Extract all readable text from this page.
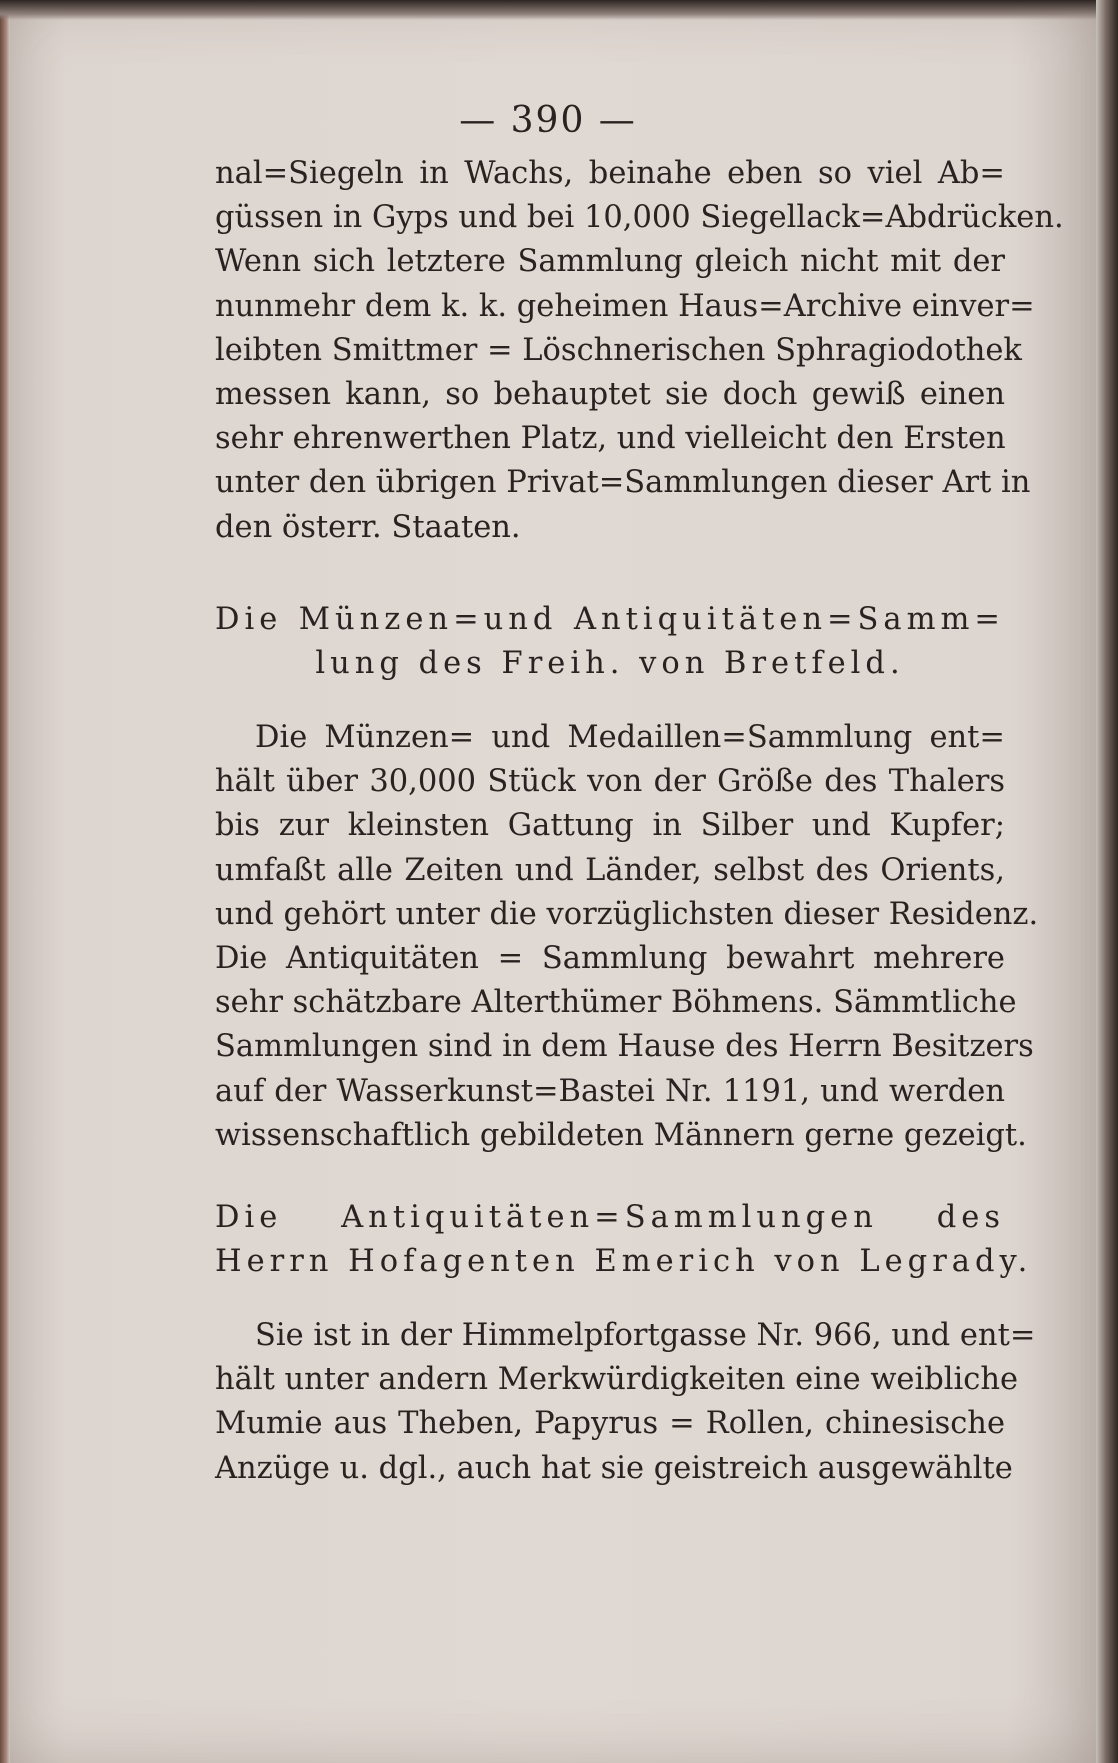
— 390 —
nal=Siegeln in Wachs, beinahe eben so viel Ab=
güssen in Gyps und bei 10,000 Siegellack=Abdrücken.
Wenn sich letztere Sammlung gleich nicht mit der
nunmehr dem k. k. geheimen Haus=Archive einver=
leibten Smittmer = Löschnerischen Sphragiodothek
messen kann, so behauptet sie doch gewiß einen
sehr ehrenwerthen Platz, und vielleicht den Ersten
unter den übrigen Privat=Sammlungen dieser Art in
den österr. Staaten.
Die Münzen=und Antiquitäten=Samm=
lung des Freih. von Bretfeld.
Die Münzen= und Medaillen=Sammlung ent=
hält über 30,000 Stück von der Größe des Thalers
bis zur kleinsten Gattung in Silber und Kupfer;
umfaßt alle Zeiten und Länder, selbst des Orients,
und gehört unter die vorzüglichsten dieser Residenz.
Die Antiquitäten = Sammlung bewahrt mehrere
sehr schätzbare Alterthümer Böhmens. Sämmtliche
Sammlungen sind in dem Hause des Herrn Besitzers
auf der Wasserkunst=Bastei Nr. 1191, und werden
wissenschaftlich gebildeten Männern gerne gezeigt.
Die Antiquitäten=Sammlungen des
Herrn Hofagenten Emerich von Legrady.
Sie ist in der Himmelpfortgasse Nr. 966, und ent=
hält unter andern Merkwürdigkeiten eine weibliche
Mumie aus Theben, Papyrus = Rollen, chinesische
Anzüge u. dgl., auch hat sie geistreich ausgewählte
